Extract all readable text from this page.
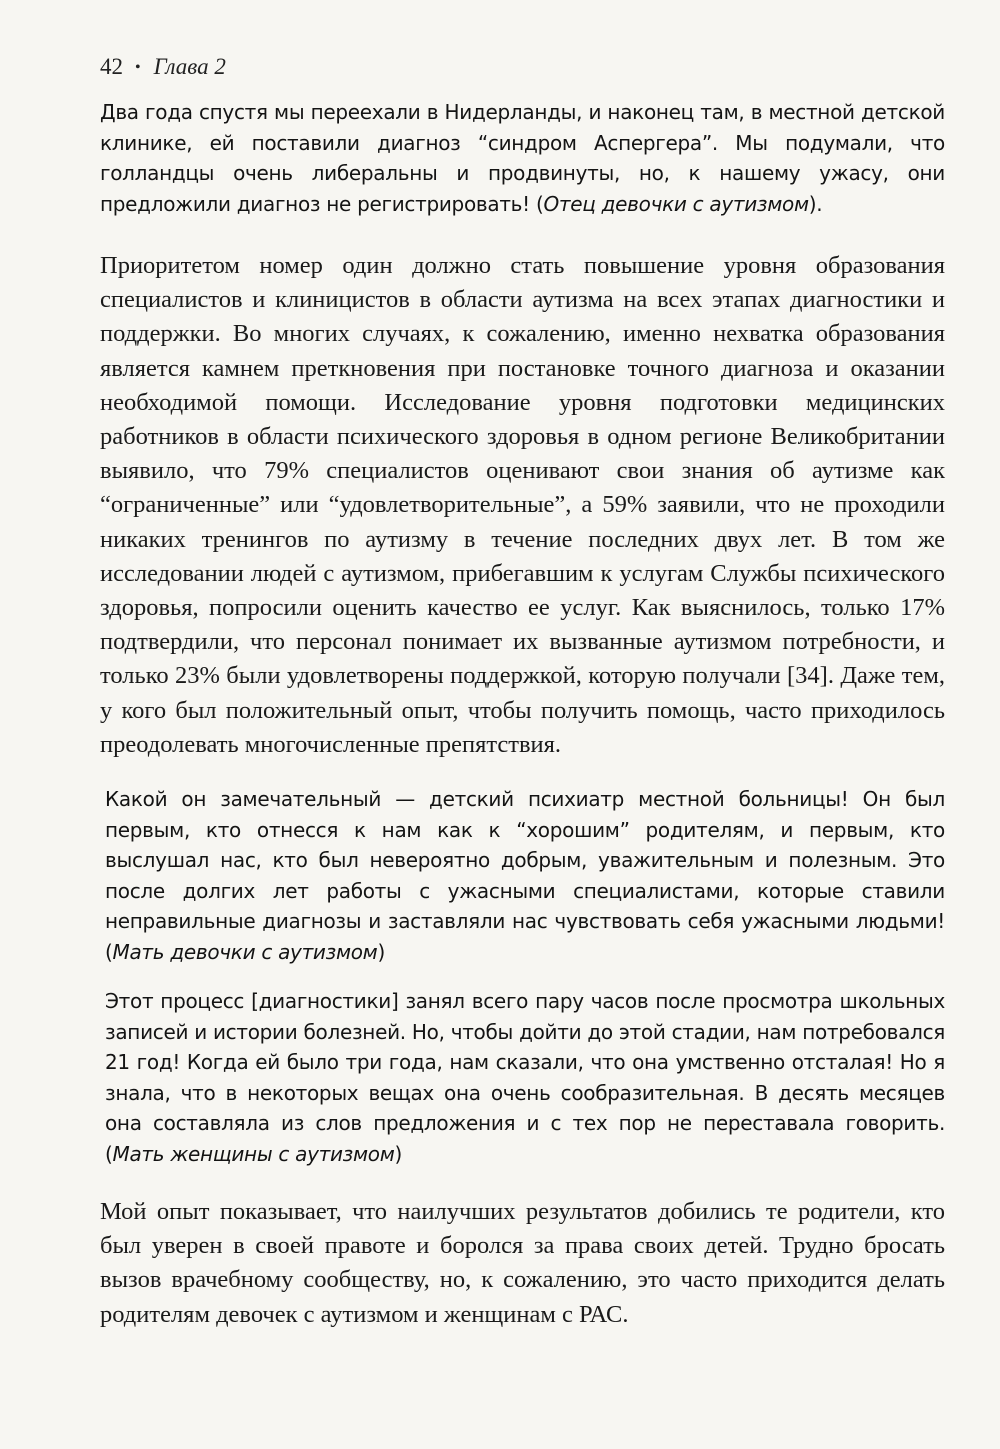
42 • Глава 2

Два года спустя мы переехали в Нидерланды, и наконец там, в местной детской клинике, ей поставили диагноз “синдром Аспергера”. Мы подумали, что голландцы очень либеральны и продвинуты, но, к нашему ужасу, они предложили диагноз не регистрировать! (Отец девочки с аутизмом).

Приоритетом номер один должно стать повышение уровня образования специалистов и клиницистов в области аутизма на всех этапах диагностики и поддержки. Во многих случаях, к сожалению, именно нехватка образования является камнем преткновения при постановке точного диагноза и оказании необходимой помощи. Исследование уровня подготовки медицинских работников в области психического здоровья в одном регионе Великобритании выявило, что 79% специалистов оценивают свои знания об аутизме как “ограниченные” или “удовлетворительные”, а 59% заявили, что не проходили никаких тренингов по аутизму в течение последних двух лет. В том же исследовании людей с аутизмом, прибегавшим к услугам Службы психического здоровья, попросили оценить качество ее услуг. Как выяснилось, только 17% подтвердили, что персонал понимает их вызванные аутизмом потребности, и только 23% были удовлетворены поддержкой, которую получали [34]. Даже тем, у кого был положительный опыт, чтобы получить помощь, часто приходилось преодолевать многочисленные препятствия.

Какой он замечательный — детский психиатр местной больницы! Он был первым, кто отнесся к нам как к “хорошим” родителям, и первым, кто выслушал нас, кто был невероятно добрым, уважительным и полезным. Это после долгих лет работы с ужасными специалистами, которые ставили неправильные диагнозы и заставляли нас чувствовать себя ужасными людьми! (Мать девочки с аутизмом)

Этот процесс [диагностики] занял всего пару часов после просмотра школьных записей и истории болезней. Но, чтобы дойти до этой стадии, нам потребовался 21 год! Когда ей было три года, нам сказали, что она умственно отсталая! Но я знала, что в некоторых вещах она очень сообразительная. В десять месяцев она составляла из слов предложения и с тех пор не переставала говорить. (Мать женщины с аутизмом)

Мой опыт показывает, что наилучших результатов добились те родители, кто был уверен в своей правоте и боролся за права своих детей. Трудно бросать вызов врачебному сообществу, но, к сожалению, это часто приходится делать родителям девочек с аутизмом и женщинам с РАС.
